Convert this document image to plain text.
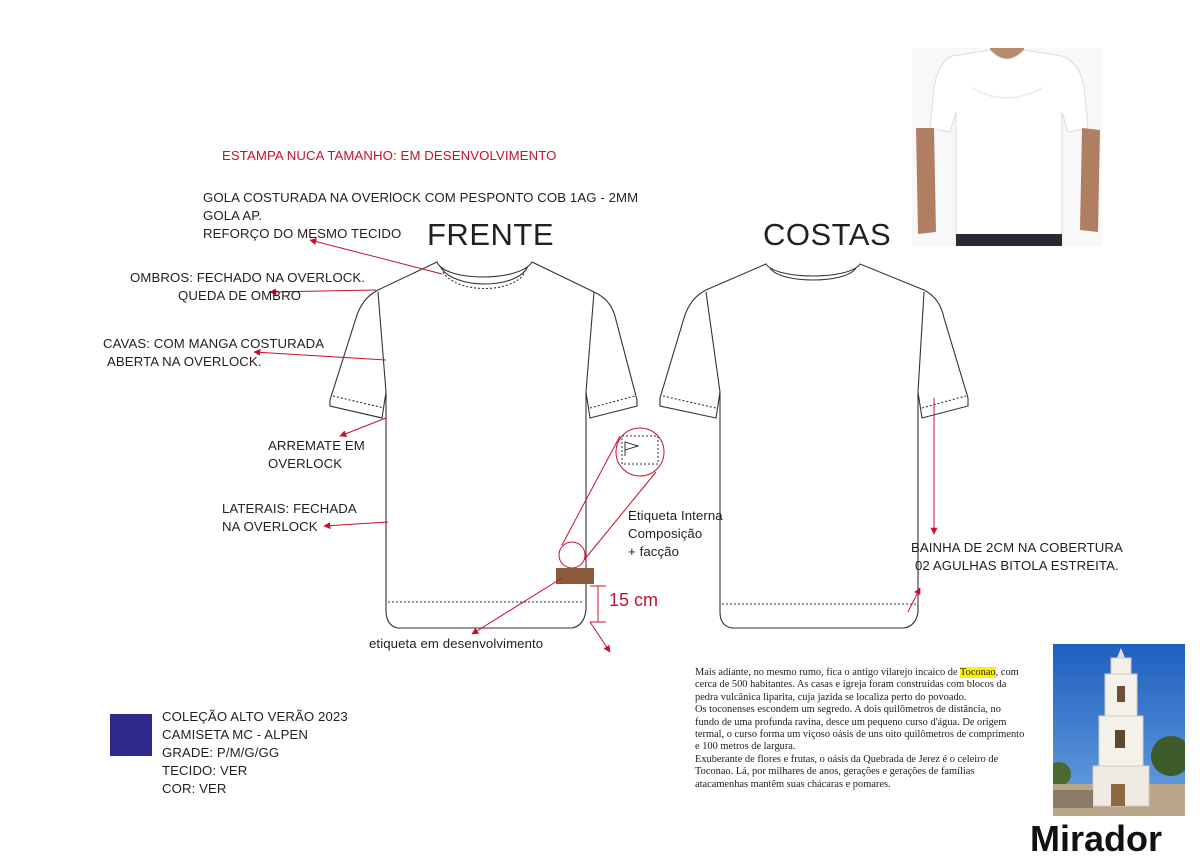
FRENTE	COSTAS
ESTAMPA NUCA TAMANHO: EM DESENVOLVIMENTO
GOLA COSTURADA NA OVERlOCK COM PESPONTO COB 1AG - 2MM
GOLA AP.
REFORÇO DO MESMO TECIDO
OMBROS: FECHADO NA OVERLOCK.
QUEDA DE OMBRO
CAVAS: COM MANGA COSTURADA
ABERTA NA OVERLOCK.
ARREMATE EM
OVERLOCK
LATERAIS: FECHADA
NA OVERLOCK
Etiqueta Interna
Composição
+ facção
15 cm
etiqueta em desenvolvimento
BAINHA DE 2CM NA COBERTURA
02 AGULHAS BITOLA ESTREITA.
COLEÇÃO ALTO VERÃO 2023
CAMISETA MC - ALPEN
GRADE: P/M/G/GG
TECIDO: VER
COR: VER

Mais adiante, no mesmo rumo, fica o antigo vilarejo incaico de Toconao, com cerca de 500 habitantes. As casas e igreja foram construídas com blocos da pedra vulcânica liparita, cuja jazida se localiza perto do povoado.

Os toconenses escondem um segredo. A dois quilômetros de distância, no fundo de uma profunda ravina, desce um pequeno curso d'água. De origem termal, o curso forma um viçoso oásis de uns oito quilômetros de comprimento e 100 metros de largura.

Exuberante de flores e frutas, o oásis da Quebrada de Jerez é o celeiro de Toconao. Lá, por milhares de anos, gerações e gerações de famílias atacamenhas mantêm suas chácaras e pomares.

Mirador
